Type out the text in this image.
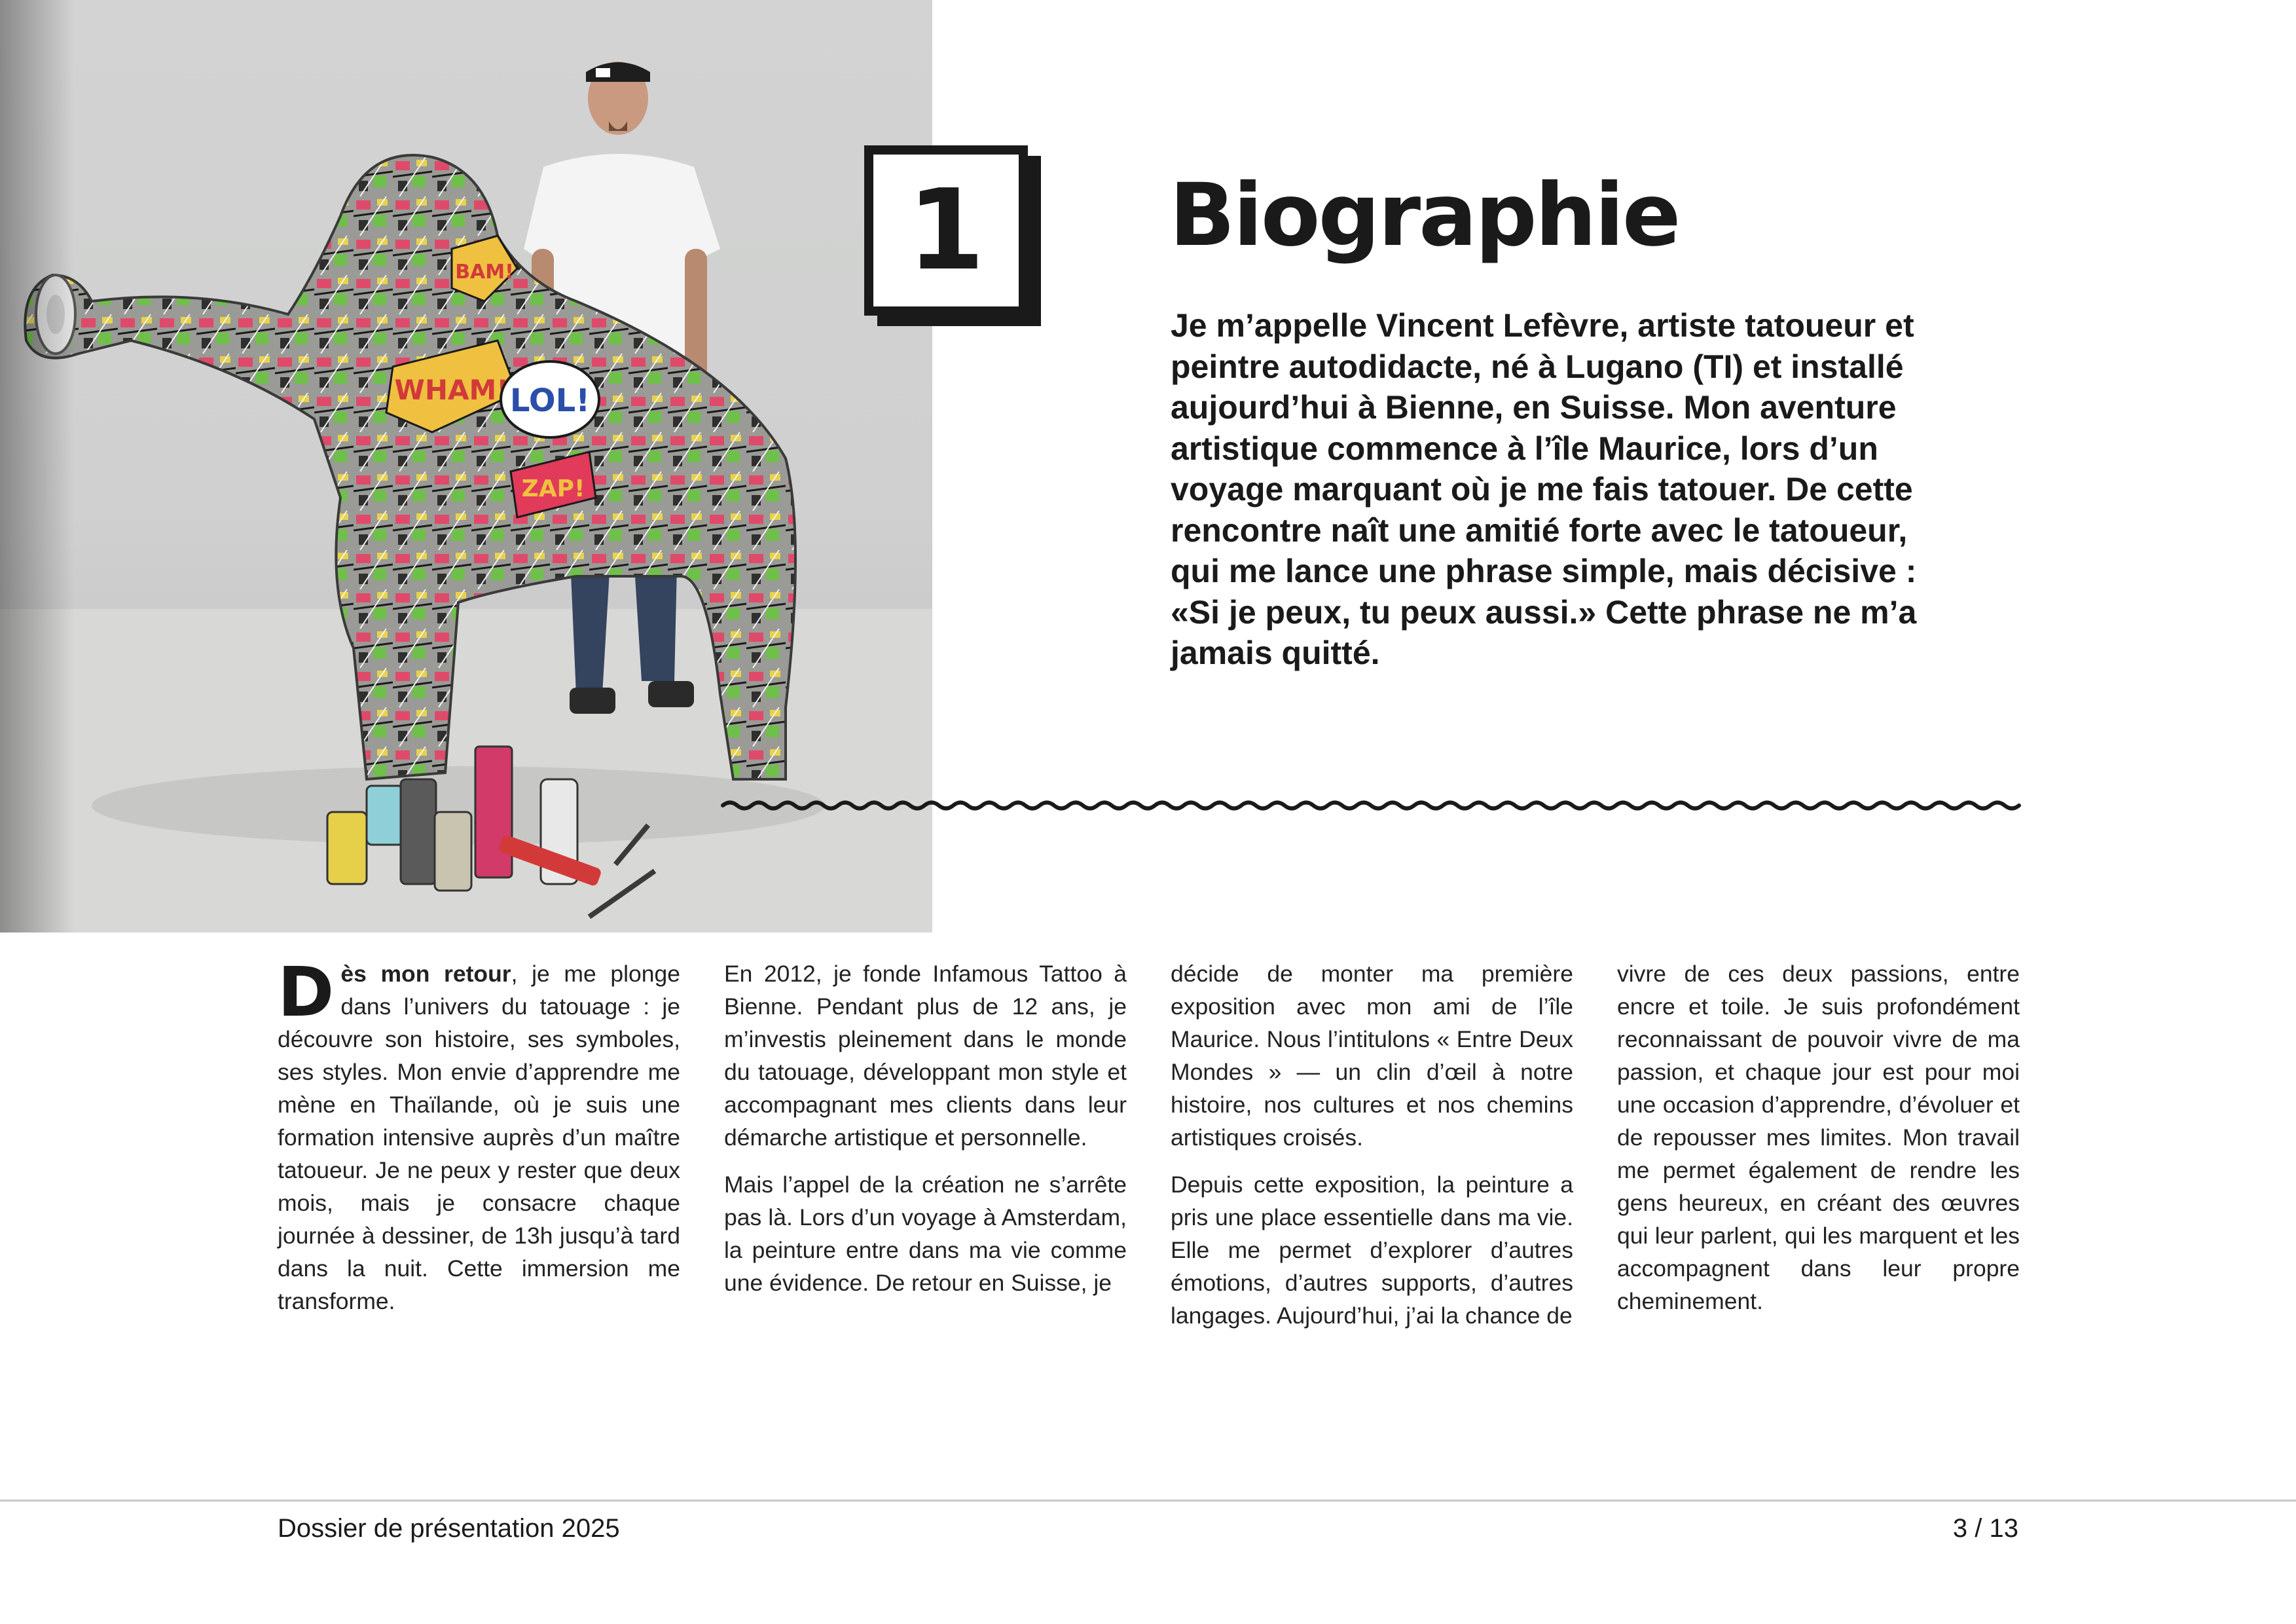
1	Biographie

Je m’appelle Vincent Lefèvre, artiste tatoueur et peintre autodidacte, né à Lugano (TI) et installé aujourd’hui à Bienne, en Suisse. Mon aventure artistique commence à l’île Maurice, lors d’un voyage marquant où je me fais tatouer. De cette rencontre naît une amitié forte avec le tatoueur, qui me lance une phrase simple, mais décisive : «Si je peux, tu peux aussi.» Cette phrase ne m’a jamais quitté.

Dès mon retour, je me plonge dans l’univers du tatouage : je découvre son histoire, ses symboles, ses styles. Mon envie d’apprendre me mène en Thaïlande, où je suis une formation intensive auprès d’un maître tatoueur. Je ne peux y rester que deux mois, mais je consacre chaque journée à dessiner, de 13h jusqu’à tard dans la nuit. Cette immersion me transforme.

En 2012, je fonde Infamous Tattoo à Bienne. Pendant plus de 12 ans, je m’investis pleinement dans le monde du tatouage, développant mon style et accompagnant mes clients dans leur démarche artistique et personnelle.

Mais l’appel de la création ne s’arrête pas là. Lors d’un voyage à Amsterdam, la peinture entre dans ma vie comme une évidence. De retour en Suisse, je

décide de monter ma première exposition avec mon ami de l’île Maurice. Nous l’intitulons « Entre Deux Mondes » — un clin d’œil à notre histoire, nos cultures et nos chemins artistiques croisés.

Depuis cette exposition, la peinture a pris une place essentielle dans ma vie. Elle me permet d’explorer d’autres émotions, d’autres supports, d’autres langages. Aujourd’hui, j’ai la chance de

vivre de ces deux passions, entre encre et toile. Je suis profondément reconnaissant de pouvoir vivre de ma passion, et chaque jour est pour moi une occasion d’apprendre, d’évoluer et de repousser mes limites. Mon travail me permet également de rendre les gens heureux, en créant des œuvres qui leur parlent, qui les marquent et les accompagnent dans leur propre cheminement.

Dossier de présentation 2025	3 / 13
